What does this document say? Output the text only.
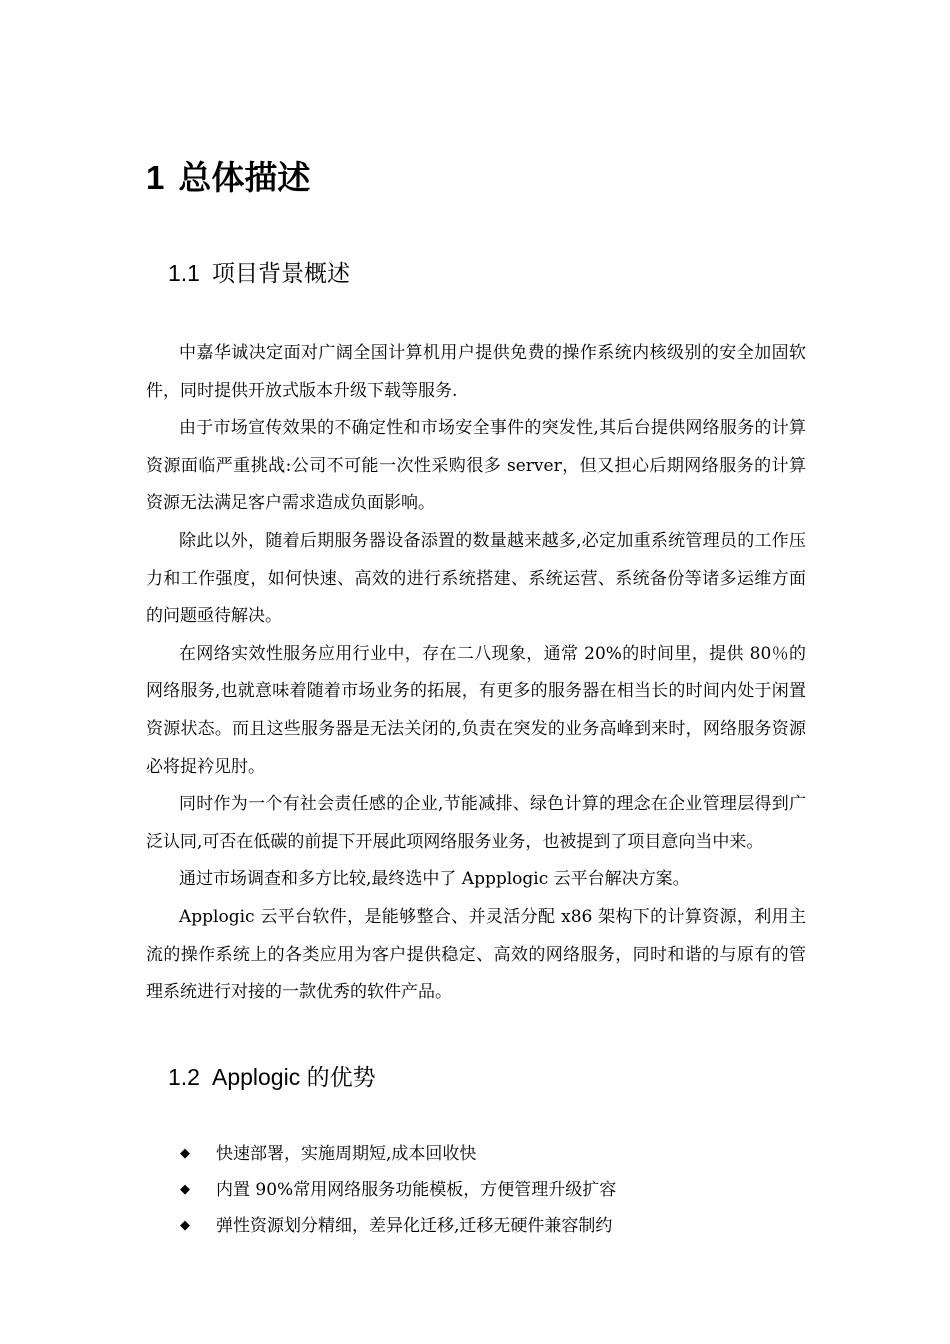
1 总体描述
1.1 项目背景概述

中嘉华诚决定面对广阔全国计算机用户提供免费的操作系统内核级别的安全加固软件，同时提供开放式版本升级下载等服务.

由于市场宣传效果的不确定性和市场安全事件的突发性,其后台提供网络服务的计算资源面临严重挑战:公司不可能一次性采购很多 server，但又担心后期网络服务的计算资源无法满足客户需求造成负面影响。

除此以外，随着后期服务器设备添置的数量越来越多,必定加重系统管理员的工作压力和工作强度，如何快速、高效的进行系统搭建、系统运营、系统备份等诸多运维方面的问题亟待解决。

在网络实效性服务应用行业中，存在二八现象，通常 20%的时间里，提供 80％的网络服务,也就意味着随着市场业务的拓展，有更多的服务器在相当长的时间内处于闲置资源状态。而且这些服务器是无法关闭的,负责在突发的业务高峰到来时，网络服务资源必将捉衿见肘。

同时作为一个有社会责任感的企业,节能减排、绿色计算的理念在企业管理层得到广泛认同,可否在低碳的前提下开展此项网络服务业务，也被提到了项目意向当中来。

通过市场调查和多方比较,最终选中了 Appplogic 云平台解决方案。

Applogic 云平台软件，是能够整合、并灵活分配 x86 架构下的计算资源，利用主流的操作系统上的各类应用为客户提供稳定、高效的网络服务，同时和谐的与原有的管理系统进行对接的一款优秀的软件产品。

1.2 Applogic 的优势
◆ 快速部署，实施周期短,成本回收快
◆ 内置 90%常用网络服务功能模板，方便管理升级扩容
◆ 弹性资源划分精细，差异化迁移,迁移无硬件兼容制约
